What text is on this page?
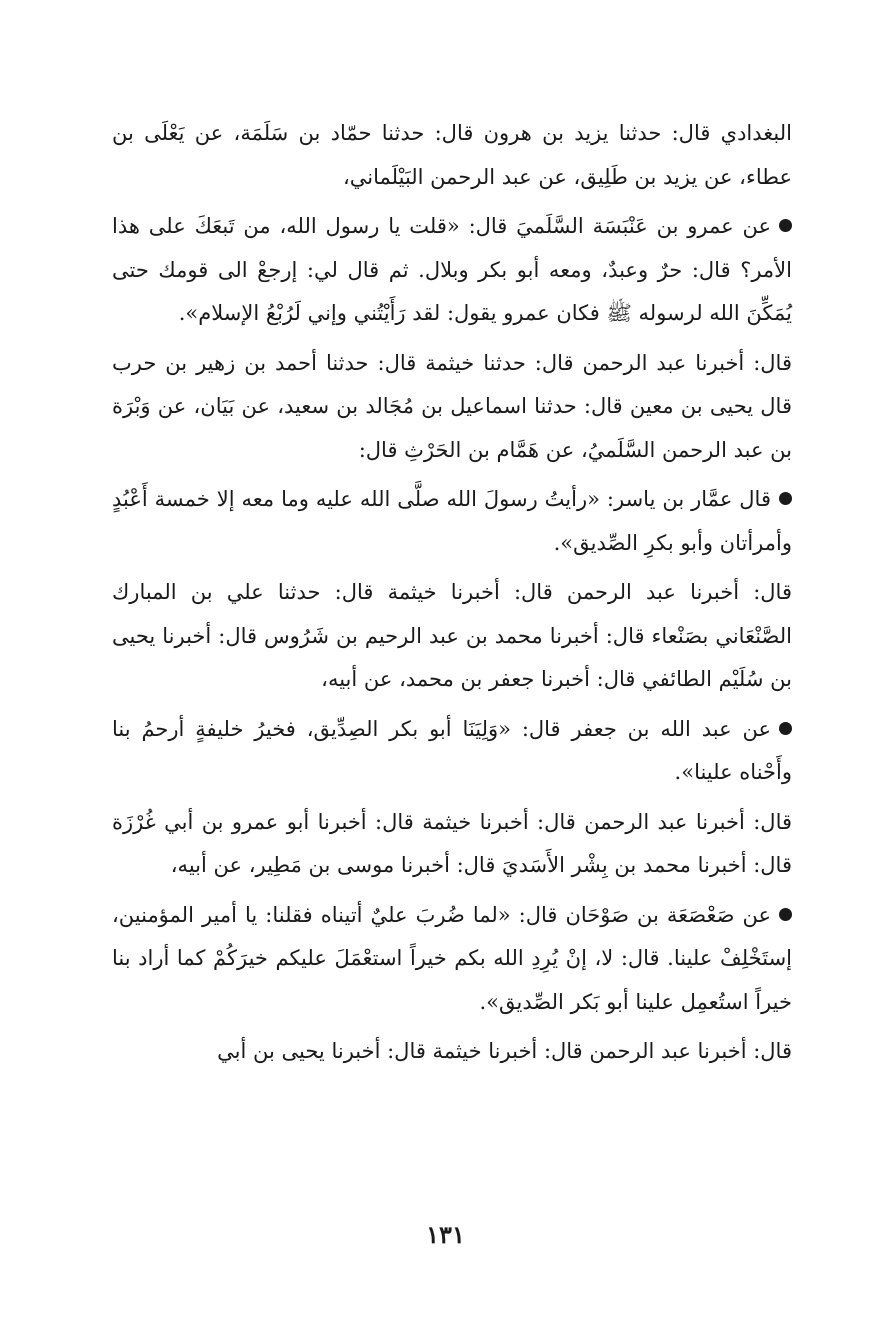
البغدادي قال: حدثنا يزيد بن هرون قال: حدثنا حمّاد بن سَلَمَة، عن يَعْلَى بن عطاء، عن يزيد بن طَلِيق، عن عبد الرحمن البَيْلَماني،

عن عمرو بن عَنْبَسَة السَّلَميَ قال: «قلت يا رسول الله، من تَبعَكَ على هذا الأمر؟ قال: حرٌ وعبدٌ، ومعه أبو بكر وبلال. ثم قال لي: إرجعْ الى قومك حتى يُمَكِّنَ الله لرسوله ﷺ فكان عمرو يقول: لقد رَأَيْتُني وإني لَرُبْعُ الإسلام».

قال: أخبرنا عبد الرحمن قال: حدثنا خيثمة قال: حدثنا أحمد بن زهير بن حرب قال يحيى بن معين قال: حدثنا اسماعيل بن مُجَالد بن سعيد، عن بَيَان، عن وَبْرَة بن عبد الرحمن السَّلَميُ، عن هَمَّام بن الحَرْثِ قال:

قال عمَّار بن ياسر: «رأيتُ رسولَ الله صلَّى الله عليه وما معه إلا خمسة أَعْبُدٍ وأمرأتان وأبو بكرِ الصِّديق».

قال: أخبرنا عبد الرحمن قال: أخبرنا خيثمة قال: حدثنا علي بن المبارك الصَّنْعَاني بصَنْعاء قال: أخبرنا محمد بن عبد الرحيم بن شَرُوس قال: أخبرنا يحيى بن سُلَيْم الطائفي قال: أخبرنا جعفر بن محمد، عن أبيه،

عن عبد الله بن جعفر قال: «وَلِيَنَا أبو بكر الصِدِّيق، فخيرُ خليفةٍ أرحمُ بنا وأَحْناه علينا».

قال: أخبرنا عبد الرحمن قال: أخبرنا خيثمة قال: أخبرنا أبو عمرو بن أبي غُرْزَة قال: أخبرنا محمد بن بِشْر الأَسَديَ قال: أخبرنا موسى بن مَطِير، عن أبيه،

عن صَعْصَعَة بن صَوْحَان قال: «لما ضُربَ عليٌ أتيناه فقلنا: يا أمير المؤمنين، إستَخْلِفْ علينا. قال: لا، إنْ يُرِدِ الله بكم خيراً استعْمَلَ عليكم خيرَكُمْ كما أراد بنا خيراً استُعمِل علينا أبو بَكر الصِّديق».

قال: أخبرنا عبد الرحمن قال: أخبرنا خيثمة قال: أخبرنا يحيى بن أبي

١٣١
